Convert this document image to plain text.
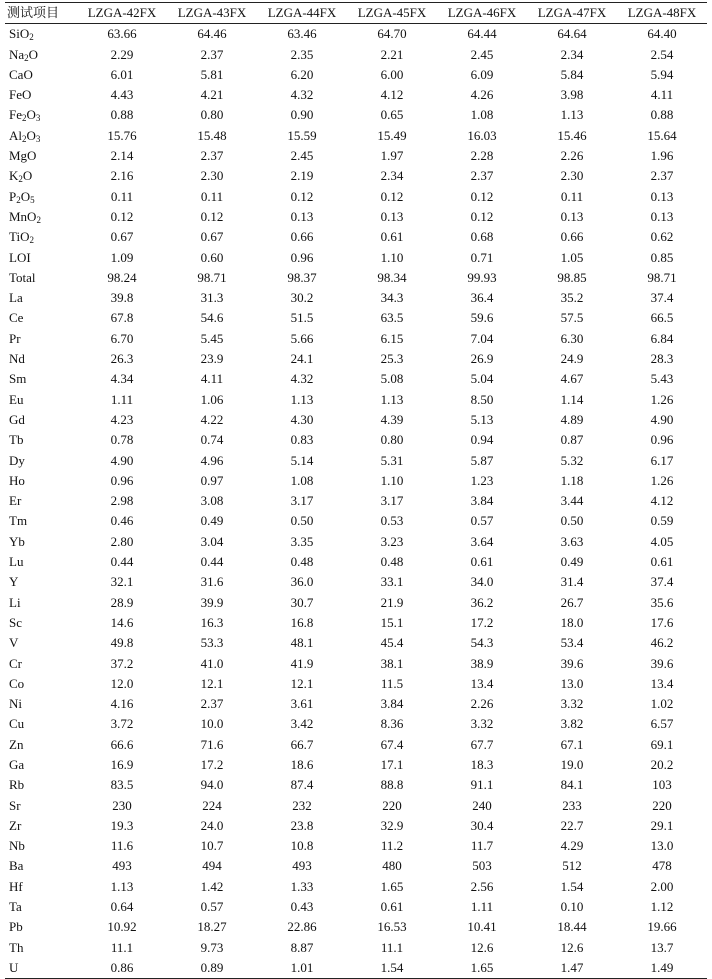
测试项目	LZGA-42FX	LZGA-43FX	LZGA-44FX	LZGA-45FX	LZGA-46FX	LZGA-47FX	LZGA-48FX
SiO$_2$	63.66	64.46	63.46	64.70	64.44	64.64	64.40
$Na_2O$	2.29	2.37	2.35	2.21	2.45	2.34	2.54
CaO	6.01	5.81	6.20	6.00	6.09	5.84	5.94
FeO	4.43	4.21	4.32	4.12	4.26	3.98	4.11
$Fe_2O_3$	0.88	0.80	0.90	0.65	1.08	1.13	0.88
$Al_2O_3$	15.76	15.48	15.59	15.49	16.03	15.46	15.64
MgO	2.14	2.37	2.45	1.97	2.28	2.26	1.96
$K_2O$	2.16	2.30	2.19	2.34	2.37	2.30	2.37
$P_2O_5$	0.11	0.11	0.12	0.12	0.12	0.11	0.13
MnO$_2$	0.12	0.12	0.13	0.13	0.12	0.13	0.13
TiO$_2$	0.67	0.67	0.66	0.61	0.68	0.66	0.62
LOI	1.09	0.60	0.96	1.10	0.71	1.05	0.85
Total	98.24	98.71	98.37	98.34	99.93	98.85	98.71
La	39.8	31.3	30.2	34.3	36.4	35.2	37.4
Ce	67.8	54.6	51.5	63.5	59.6	57.5	66.5
Pr	6.70	5.45	5.66	6.15	7.04	6.30	6.84
Nd	26.3	23.9	24.1	25.3	26.9	24.9	28.3
Sm	4.34	4.11	4.32	5.08	5.04	4.67	5.43
Eu	1.11	1.06	1.13	1.13	8.50	1.14	1.26
Gd	4.23	4.22	4.30	4.39	5.13	4.89	4.90
Tb	0.78	0.74	0.83	0.80	0.94	0.87	0.96
Dy	4.90	4.96	5.14	5.31	5.87	5.32	6.17
Ho	0.96	0.97	1.08	1.10	1.23	1.18	1.26
Er	2.98	3.08	3.17	3.17	3.84	3.44	4.12
Tm	0.46	0.49	0.50	0.53	0.57	0.50	0.59
Yb	2.80	3.04	3.35	3.23	3.64	3.63	4.05
Lu	0.44	0.44	0.48	0.48	0.61	0.49	0.61
Y	32.1	31.6	36.0	33.1	34.0	31.4	37.4
Li	28.9	39.9	30.7	21.9	36.2	26.7	35.6
Sc	14.6	16.3	16.8	15.1	17.2	18.0	17.6
V	49.8	53.3	48.1	45.4	54.3	53.4	46.2
Cr	37.2	41.0	41.9	38.1	38.9	39.6	39.6
Co	12.0	12.1	12.1	11.5	13.4	13.0	13.4
Ni	4.16	2.37	3.61	3.84	2.26	3.32	1.02
Cu	3.72	10.0	3.42	8.36	3.32	3.82	6.57
Zn	66.6	71.6	66.7	67.4	67.7	67.1	69.1
Ga	16.9	17.2	18.6	17.1	18.3	19.0	20.2
Rb	83.5	94.0	87.4	88.8	91.1	84.1	103
Sr	230	224	232	220	240	233	220
Zr	19.3	24.0	23.8	32.9	30.4	22.7	29.1
Nb	11.6	10.7	10.8	11.2	11.7	4.29	13.0
Ba	493	494	493	480	503	512	478
Hf	1.13	1.42	1.33	1.65	2.56	1.54	2.00
Ta	0.64	0.57	0.43	0.61	1.11	0.10	1.12
Pb	10.92	18.27	22.86	16.53	10.41	18.44	19.66
Th	11.1	9.73	8.87	11.1	12.6	12.6	13.7
U	0.86	0.89	1.01	1.54	1.65	1.47	1.49
